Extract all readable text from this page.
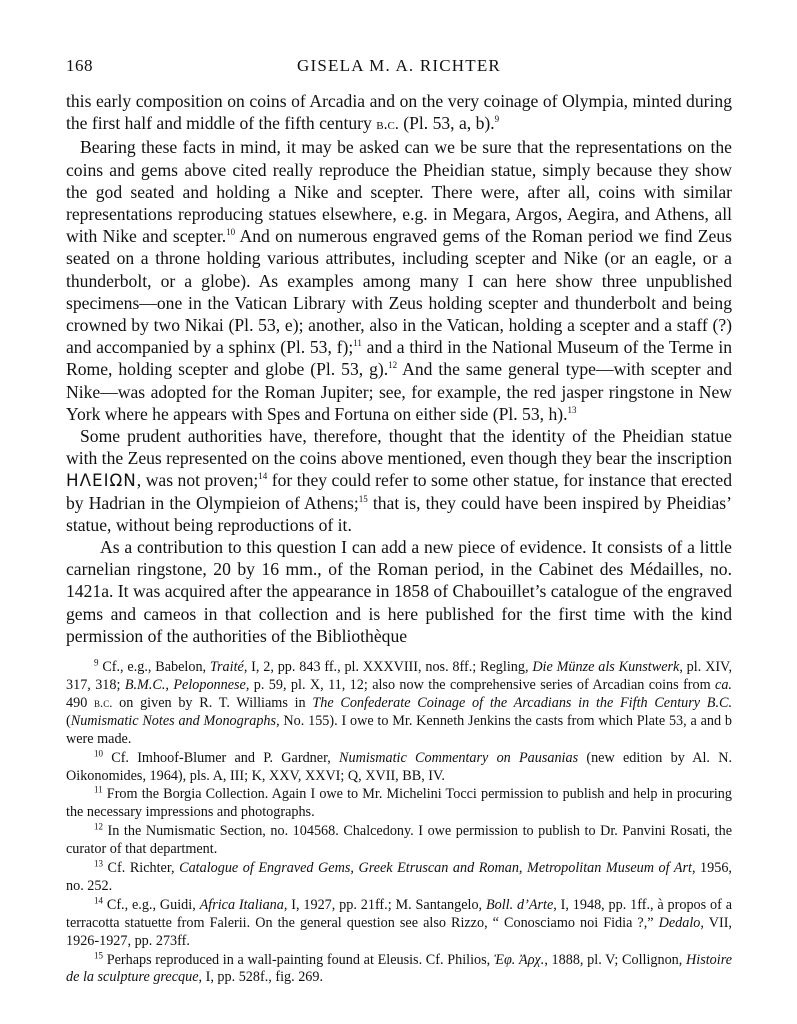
168	GISELA M. A. RICHTER

this early composition on coins of Arcadia and on the very coinage of Olympia, minted during the first half and middle of the fifth century b.c. (Pl. 53, a, b).$^9$

Bearing these facts in mind, it may be asked can we be sure that the representations on the coins and gems above cited really reproduce the Pheidian statue, simply because they show the god seated and holding a Nike and scepter. There were, after all, coins with similar representations reproducing statues elsewhere, e.g. in Megara, Argos, Aegira, and Athens, all with Nike and scepter.$^{10}$ And on numerous engraved gems of the Roman period we find Zeus seated on a throne holding various attributes, including scepter and Nike (or an eagle, or a thunderbolt, or a globe). As examples among many I can here show three unpublished specimens—one in the Vatican Library with Zeus holding scepter and thunderbolt and being crowned by two Nikai (Pl. 53, e); another, also in the Vatican, holding a scepter and a staff (?) and accompanied by a sphinx (Pl. 53, f);$^{11}$ and a third in the National Museum of the Terme in Rome, holding scepter and globe (Pl. 53, g).$^{12}$ And the same general type—with scepter and Nike—was adopted for the Roman Jupiter; see, for example, the red jasper ringstone in New York where he appears with Spes and Fortuna on either side (Pl. 53, h).$^{13}$

Some prudent authorities have, therefore, thought that the identity of the Pheidian statue with the Zeus represented on the coins above mentioned, even though they bear the inscription ΗΛΕΙΩΝ, was not proven;$^{14}$ for they could refer to some other statue, for instance that erected by Hadrian in the Olympieion of Athens;$^{15}$ that is, they could have been inspired by Pheidias’ statue, without being reproductions of it.

As a contribution to this question I can add a new piece of evidence. It consists of a little carnelian ringstone, 20 by 16 mm., of the Roman period, in the Cabinet des Médailles, no. 1421a. It was acquired after the appearance in 1858 of Chabouillet’s catalogue of the engraved gems and cameos in that collection and is here published for the first time with the kind permission of the authorities of the Bibliothèque

$^9$ Cf., e.g., Babelon, Traité, I, 2, pp. 843 ff., pl. XXXVIII, nos. 8ff.; Regling, Die Münze als Kunstwerk, pl. XIV, 317, 318; B.M.C., Peloponnese, p. 59, pl. X, 11, 12; also now the comprehensive series of Arcadian coins from ca. 490 b.c. on given by R. T. Williams in The Confederate Coinage of the Arcadians in the Fifth Century B.C. (Numismatic Notes and Monographs, No. 155). I owe to Mr. Kenneth Jenkins the casts from which Plate 53, a and b were made.

$^{10}$ Cf. Imhoof-Blumer and P. Gardner, Numismatic Commentary on Pausanias (new edition by Al. N. Oikonomides, 1964), pls. A, III; K, XXV, XXVI; Q, XVII, BB, IV.

$^{11}$ From the Borgia Collection. Again I owe to Mr. Michelini Tocci permission to publish and help in procuring the necessary impressions and photographs.

$^{12}$ In the Numismatic Section, no. 104568. Chalcedony. I owe permission to publish to Dr. Panvini Rosati, the curator of that department.

$^{13}$ Cf. Richter, Catalogue of Engraved Gems, Greek Etruscan and Roman, Metropolitan Museum of Art, 1956, no. 252.

$^{14}$ Cf., e.g., Guidi, Africa Italiana, I, 1927, pp. 21ff.; M. Santangelo, Boll. d’Arte, I, 1948, pp. 1ff., à propos of a terracotta statuette from Falerii. On the general question see also Rizzo, “ Conosciamo noi Fidia ?,” Dedalo, VII, 1926-1927, pp. 273ff.

$^{15}$ Perhaps reproduced in a wall-painting found at Eleusis. Cf. Philios, Ἐφ. Ἀρχ., 1888, pl. V; Collignon, Histoire de la sculpture grecque, I, pp. 528f., fig. 269.
